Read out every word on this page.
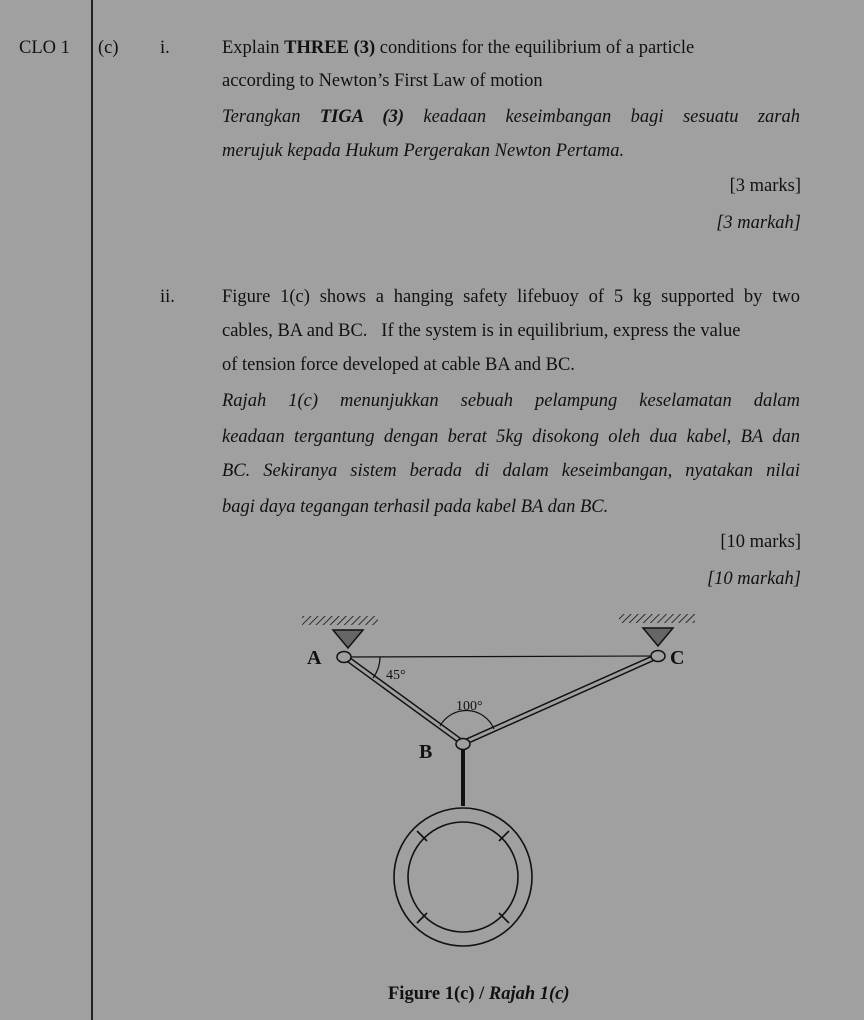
CLO 1 (c) i.	Explain THREE (3) conditions for the equilibrium of a particle
according to Newton’s First Law of motion
Terangkan TIGA (3) keadaan keseimbangan bagi sesuatu zarah
merujuk kepada Hukum Pergerakan Newton Pertama.
[3 marks]
[3 markah]
ii.	Figure 1(c) shows a hanging safety lifebuoy of 5 kg supported by two
cables, BA and BC.   If the system is in equilibrium, express the value
of tension force developed at cable BA and BC.
Rajah 1(c) menunjukkan sebuah pelampung keselamatan dalam
keadaan tergantung dengan berat 5kg disokong oleh dua kabel, BA dan
BC. Sekiranya sistem berada di dalam keseimbangan, nyatakan nilai
bagi daya tegangan terhasil pada kabel BA dan BC.
[10 marks]
[10 markah]
A	C
B
45°
100°
Figure 1(c) / Rajah 1(c)
